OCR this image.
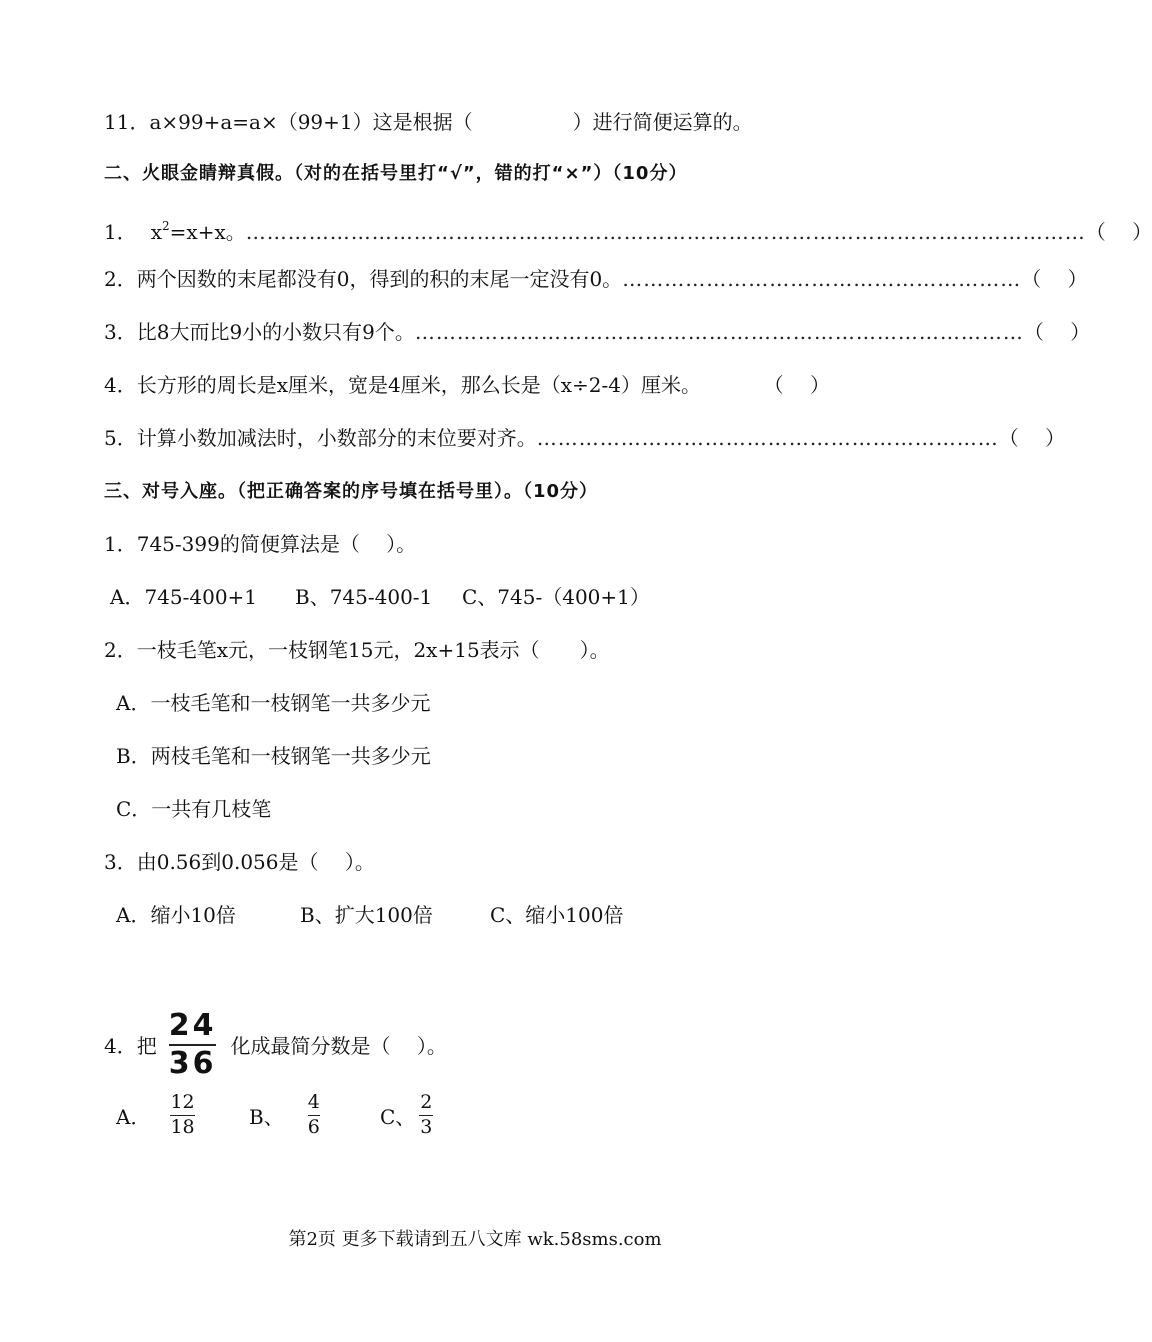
11．a×99+a=a×（99+1）这是根据（　　　　　）进行简便运算的。
二、火眼金睛辩真假。（对的在括号里打“√”，错的打“×”）（10分）
1． $x^2=x+x$。 ………………………………………………………………………………………………………… （　 ）
2．两个因数的末尾都没有0，得到的积的末尾一定没有0。 ………………………………………………… （　 ）
3．比8大而比9小的小数只有9个。 …………………………………………………………………………… （　 ）
4．长方形的周长是x厘米，宽是4厘米，那么长是（x÷2-4）厘米。	（　 ）
5．计算小数加减法时，小数部分的末位要对齐。 ………………………………………………………… （　 ）
三、对号入座。（把正确答案的序号填在括号里）。（10分）
1．745-399的简便算法是（　 ）。
A．745-400+1 B、745-400-1 C、745-（400+1）
2．一枝毛笔x元，一枝钢笔15元，2x+15表示（　　）。
A．一枝毛笔和一枝钢笔一共多少元
B．两枝毛笔和一枝钢笔一共多少元
C．一共有几枝笔
3．由0.56到0.056是（　 ）。
A．缩小10倍	B、扩大100倍	C、缩小100倍
4．把 $\frac{24}{36}$ 化成最简分数是（　 ）。
A． $\frac{12}{18}$	B、 $\frac{4}{6}$	C、 $\frac{2}{3}$
第2页 更多下载请到五八文库 wk.58sms.com
